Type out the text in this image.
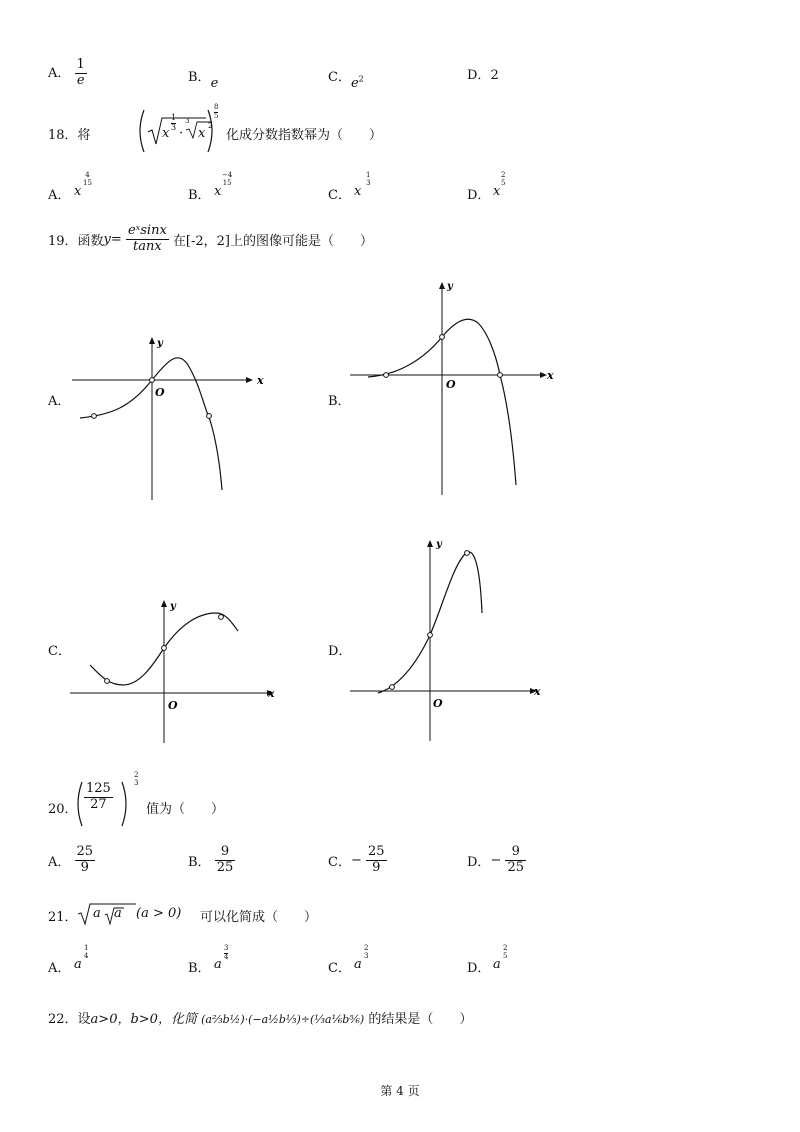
A． $\frac{1}{e}$	B．e	C．$e^2$	D．2
18．将	x
1
3 ·
3
x 2
8
5
化成分数指数幂为（　　）
A． x
4
15
B． x
−4
15
C． x
1
3
D． x
2
5
19．函数$y= \frac{\text{eˣsinx}}{\tan x}$ 在[-2，2]上的图像可能是（　　）
A．
x
y
O
B．
x
y
O
C．
x
y
O
D．
x
y
O
20． $\frac{125}{27}$
2
3
值为（　　）
A． $\frac{25}{9}$	B． $\frac{9}{25}$	C．− $\frac{25}{9}$	D．− $\frac{9}{25}$
21． a a (a > 0) 可以化简成（　　）
A． a
1
4
B． a
3
4
C． a
2
3
D． a
2
5
22．设a>0，b>0，化简 (a⅔b½)·(−a½b⅓)÷(⅓a⅙b⅚) 的结果是（　　）
第 4 页
